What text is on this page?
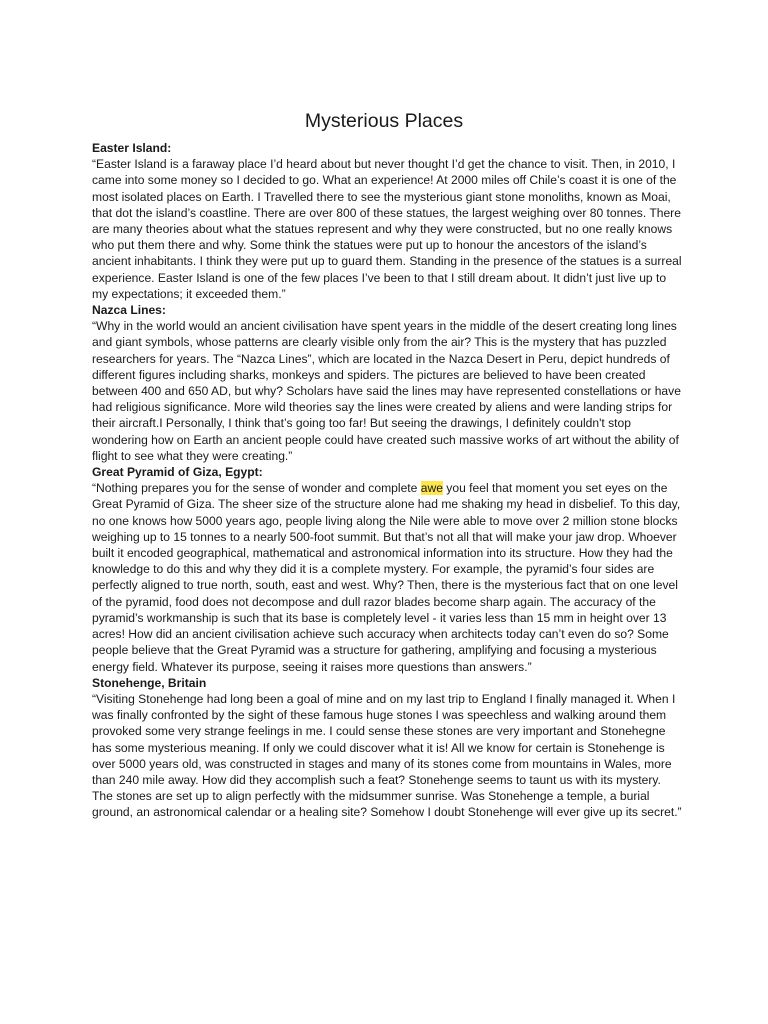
Mysterious Places

Easter Island:

“Easter Island is a faraway place I’d heard about but never thought I’d get the chance to visit. Then, in 2010, I came into some money so I decided to go. What an experience! At 2000 miles off Chile’s coast it is one of the most isolated places on Earth. I Travelled there to see the mysterious giant stone monoliths, known as Moai, that dot the island’s coastline. There are over 800 of these statues, the largest weighing over 80 tonnes. There are many theories about what the statues represent and why they were constructed, but no one really knows who put them there and why. Some think the statues were put up to honour the ancestors of the island’s ancient inhabitants. I think they were put up to guard them. Standing in the presence of the statues is a surreal experience. Easter Island is one of the few places I’ve been to that I still dream about. It didn’t just live up to my expectations; it exceeded them.”

Nazca Lines:

“Why in the world would an ancient civilisation have spent years in the middle of the desert creating long lines and giant symbols, whose patterns are clearly visible only from the air? This is the mystery that has puzzled researchers for years. The “Nazca Lines”, which are located in the Nazca Desert in Peru, depict hundreds of different figures including sharks, monkeys and spiders. The pictures are believed to have been created between 400 and 650 AD, but why? Scholars have said the lines may have represented constellations or have had religious significance. More wild theories say the lines were created by aliens and were landing strips for their aircraft.I Personally, I think that’s going too far! But seeing the drawings, I definitely couldn't stop wondering how on Earth an ancient people could have created such massive works of art without the ability of flight to see what they were creating.”

Great Pyramid of Giza, Egypt:

“Nothing prepares you for the sense of wonder and complete awe you feel that moment you set eyes on the Great Pyramid of Giza. The sheer size of the structure alone had me shaking my head in disbelief. To this day, no one knows how 5000 years ago, people living along the Nile were able to move over 2 million stone blocks weighing up to 15 tonnes to a nearly 500-foot summit. But that’s not all that will make your jaw drop. Whoever built it encoded geographical, mathematical and astronomical information into its structure. How they had the knowledge to do this and why they did it is a complete mystery. For example, the pyramid’s four sides are perfectly aligned to true north, south, east and west. Why? Then, there is the mysterious fact that on one level of the pyramid, food does not decompose and dull razor blades become sharp again. The accuracy of the pyramid’s workmanship is such that its base is completely level - it varies less than 15 mm in height over 13 acres! How did an ancient civilisation achieve such accuracy when architects today can’t even do so? Some people believe that the Great Pyramid was a structure for gathering, amplifying and focusing a mysterious energy field. Whatever its purpose, seeing it raises more questions than answers.”

Stonehenge, Britain

“Visiting Stonehenge had long been a goal of mine and on my last trip to England I finally managed it. When I was finally confronted by the sight of these famous huge stones I was speechless and walking around them provoked some very strange feelings in me. I could sense these stones are very important and Stonehegne has some mysterious meaning. If only we could discover what it is! All we know for certain is Stonehenge is over 5000 years old, was constructed in stages and many of its stones come from mountains in Wales, more than 240 mile away. How did they accomplish such a feat? Stonehenge seems to taunt us with its mystery. The stones are set up to align perfectly with the midsummer sunrise. Was Stonehenge a temple, a burial ground, an astronomical calendar or a healing site? Somehow I doubt Stonehenge will ever give up its secret.”
